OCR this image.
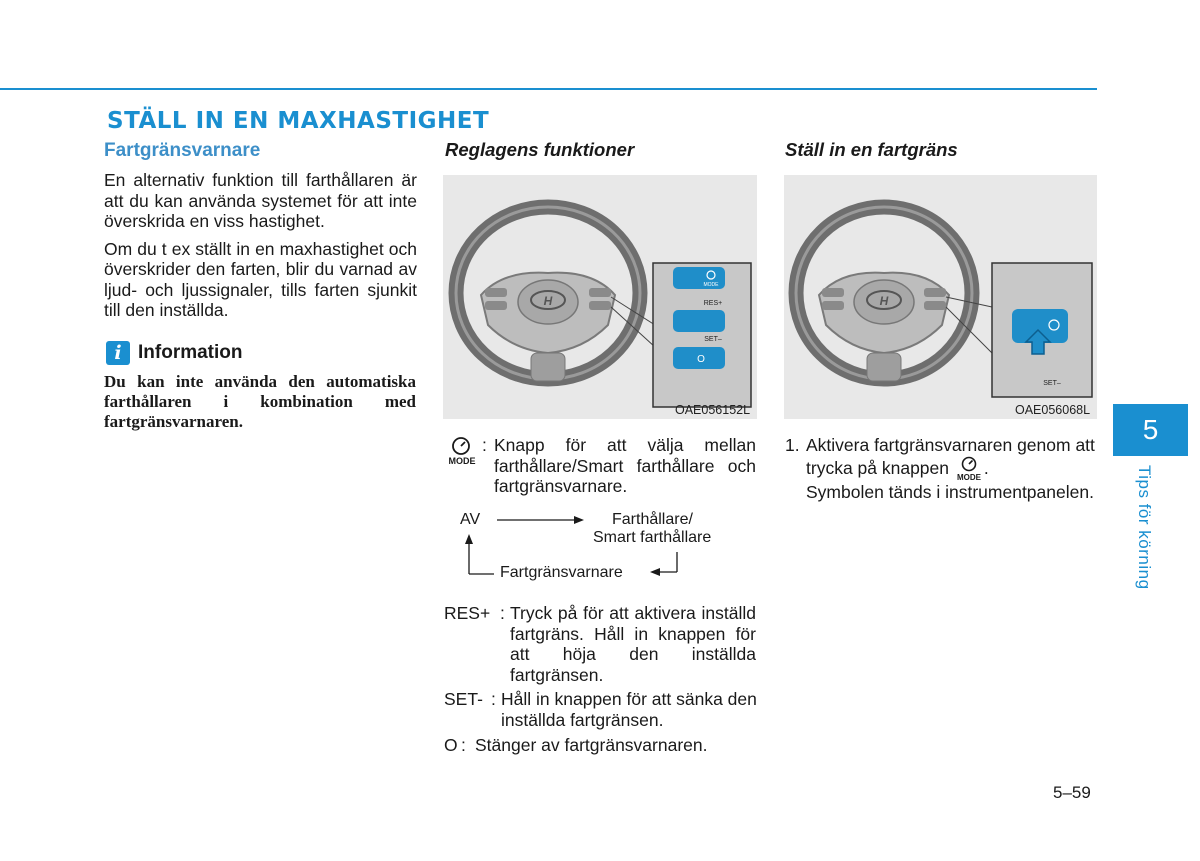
STÄLL IN EN MAXHASTIGHET
Fartgränsvarnare

En alternativ funktion till farthållaren är att du kan använda systemet för att inte överskrida en viss hastighet.

Om du t ex ställt in en maxhastighet och överskrider den farten, blir du varnad av ljud- och ljussignaler, tills farten sjunkit till den inställda.

i Information

Du kan inte använda den automatiska farthållaren i kombination med fartgränsvarnaren.

Reglagens funktioner

H
MODE
RES+
SET–
O
OAE056152L
MODE
: Knapp för att välja mellan farthållare/Smart farthållare och fartgränsvarnare.

AV	Farthållare/
Smart farthållare
Fartgränsvarnare
RES+ : Tryck på för att aktivera inställd fartgräns. Håll in knappen för att höja den inställda fartgränsen.

SET- : Håll in knappen för att sänka den inställda fartgränsen.

O : Stänger av fartgränsvarnaren.

Ställ in en fartgräns

H
SET–
OAE056068L
1. Aktivera fartgränsvarnaren genom att trycka på knappen MODE .

Symbolen tänds i instrumentpanelen.

5
Tips för körning
5–59
